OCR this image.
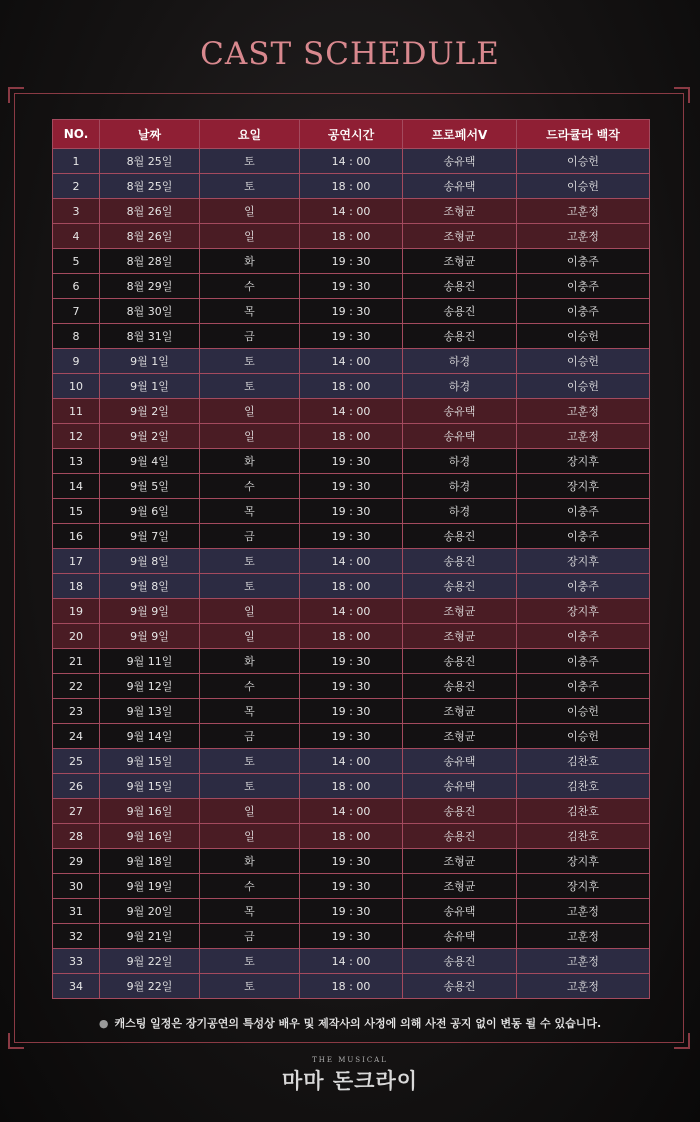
CAST SCHEDULE
NO.	날짜	요일	공연시간	프로페서V	드라큘라 백작
1	8월 25일	토	14 : 00	송유택	이승헌
2	8월 25일	토	18 : 00	송유택	이승헌
3	8월 26일	일	14 : 00	조형균	고훈정
4	8월 26일	일	18 : 00	조형균	고훈정
5	8월 28일	화	19 : 30	조형균	이충주
6	8월 29일	수	19 : 30	송용진	이충주
7	8월 30일	목	19 : 30	송용진	이충주
8	8월 31일	금	19 : 30	송용진	이승헌
9	9월 1일	토	14 : 00	하경	이승헌
10	9월 1일	토	18 : 00	하경	이승헌
11	9월 2일	일	14 : 00	송유택	고훈정
12	9월 2일	일	18 : 00	송유택	고훈정
13	9월 4일	화	19 : 30	하경	장지후
14	9월 5일	수	19 : 30	하경	장지후
15	9월 6일	목	19 : 30	하경	이충주
16	9월 7일	금	19 : 30	송용진	이충주
17	9월 8일	토	14 : 00	송용진	장지후
18	9월 8일	토	18 : 00	송용진	이충주
19	9월 9일	일	14 : 00	조형균	장지후
20	9월 9일	일	18 : 00	조형균	이충주
21	9월 11일	화	19 : 30	송용진	이충주
22	9월 12일	수	19 : 30	송용진	이충주
23	9월 13일	목	19 : 30	조형균	이승헌
24	9월 14일	금	19 : 30	조형균	이승헌
25	9월 15일	토	14 : 00	송유택	김찬호
26	9월 15일	토	18 : 00	송유택	김찬호
27	9월 16일	일	14 : 00	송용진	김찬호
28	9월 16일	일	18 : 00	송용진	김찬호
29	9월 18일	화	19 : 30	조형균	장지후
30	9월 19일	수	19 : 30	조형균	장지후
31	9월 20일	목	19 : 30	송유택	고훈정
32	9월 21일	금	19 : 30	송유택	고훈정
33	9월 22일	토	14 : 00	송용진	고훈정
34	9월 22일	토	18 : 00	송용진	고훈정
● 캐스팅 일정은 장기공연의 특성상 배우 및 제작사의 사정에 의해 사전 공지 없이 변동 될 수 있습니다.
THE MUSICAL
마마 돈크라이
